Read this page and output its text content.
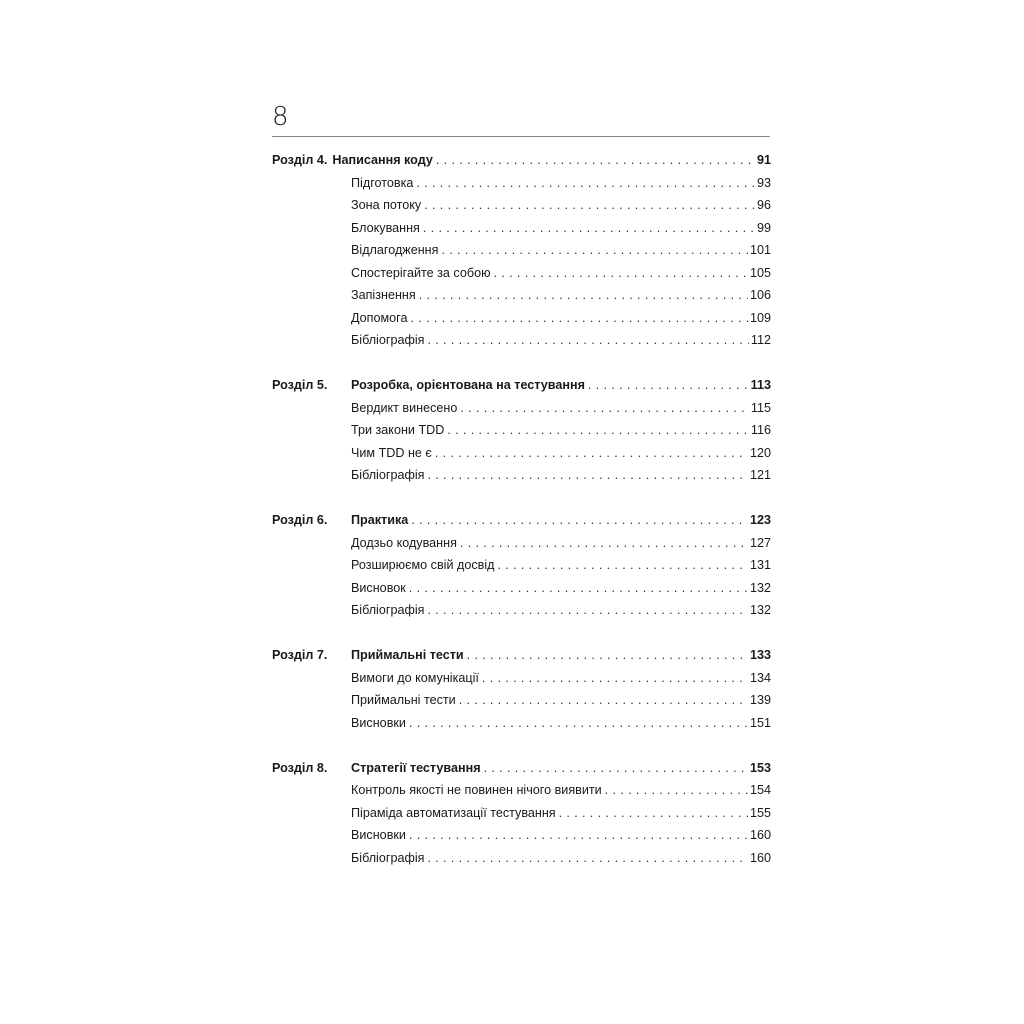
8
Розділ 4. Написання коду . . .	91
Підготовка . . .	93
Зона потоку . . .	96
Блокування . . .	99
Відлагодження . . .	101
Спостерігайте за собою . . .	105
Запізнення . . .	106
Допомога . . .	109
Бібліографія . . .	112
Розділ 5.	Розробка, орієнтована на тестування . . .	113
Вердикт винесено . . .	115
Три закони TDD . . .	116
Чим TDD не є . . .	120
Бібліографія . . .	121
Розділ 6.	Практика . . .	123
Додзьо кодування . . .	127
Розширюємо свій досвід . . .	131
Висновок . . .	132
Бібліографія . . .	132
Розділ 7.	Приймальні тести . . .	133
Вимоги до комунікації . . .	134
Приймальні тести . . .	139
Висновки . . .	151
Розділ 8.	Стратегії тестування . . .	153
Контроль якості не повинен нічого виявити . . .	154
Піраміда автоматизації тестування . . .	155
Висновки . . .	160
Бібліографія . . .	160
